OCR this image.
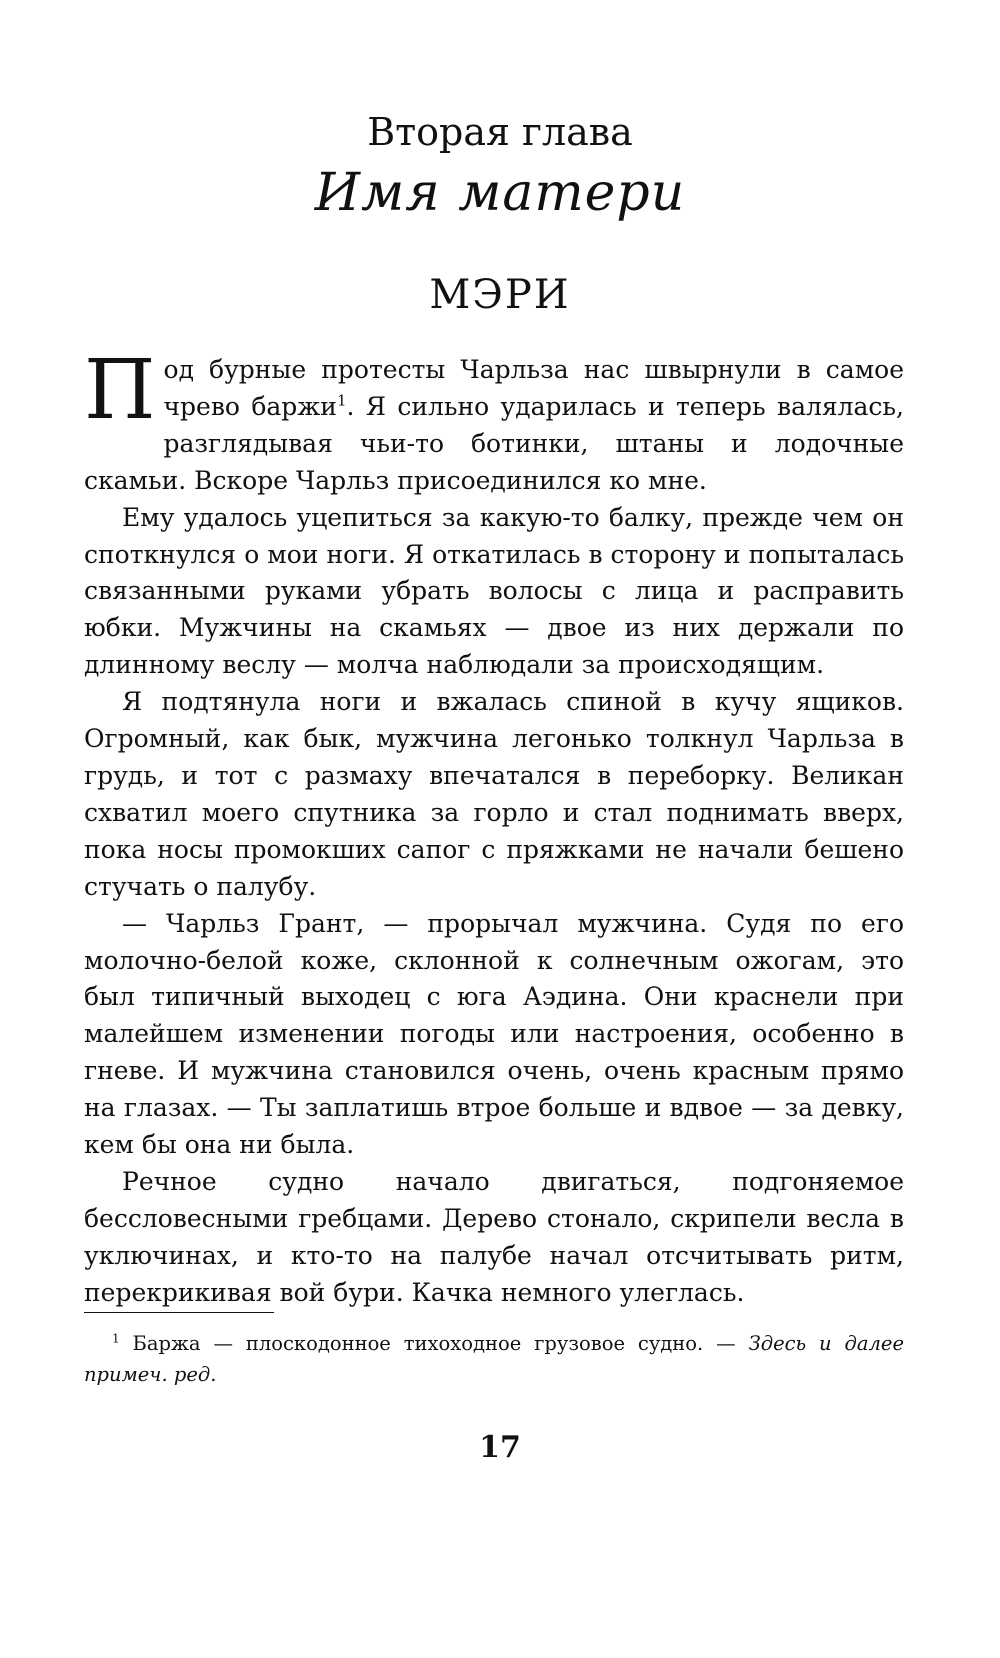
Вторая глава
Имя матери
МЭРИ

Под бурные протесты Чарльза нас швырнули в самое чрево баржи$^1$. Я сильно ударилась и теперь валялась, разглядывая чьи-то ботинки, штаны и лодочные скамьи. Вскоре Чарльз присоединился ко мне.

Ему удалось уцепиться за какую-то балку, прежде чем он споткнулся о мои ноги. Я откатилась в сторону и попыталась связанными руками убрать волосы с лица и расправить юбки. Мужчины на скамьях — двое из них держали по длинному веслу — молча наблюдали за происходящим.

Я подтянула ноги и вжалась спиной в кучу ящиков. Огромный, как бык, мужчина легонько толкнул Чарльза в грудь, и тот с размаху впечатался в переборку. Великан схватил моего спутника за горло и стал поднимать вверх, пока носы промокших сапог с пряжками не начали бешено стучать о палубу.

— Чарльз Грант, — прорычал мужчина. Судя по его молочно-белой коже, склонной к солнечным ожогам, это был типичный выходец с юга Аэдина. Они краснели при малейшем изменении погоды или настроения, особенно в гневе. И мужчина становился очень, очень красным прямо на глазах. — Ты заплатишь втрое больше и вдвое — за девку, кем бы она ни была.

Речное судно начало двигаться, подгоняемое бессловесными гребцами. Дерево стонало, скрипели весла в уключинах, и кто-то на палубе начал отсчитывать ритм, перекрикивая вой бури. Качка немного улеглась.

$^1$ Баржа — плоскодонное тихоходное грузовое судно. — Здесь и далее примеч. ред.
17
